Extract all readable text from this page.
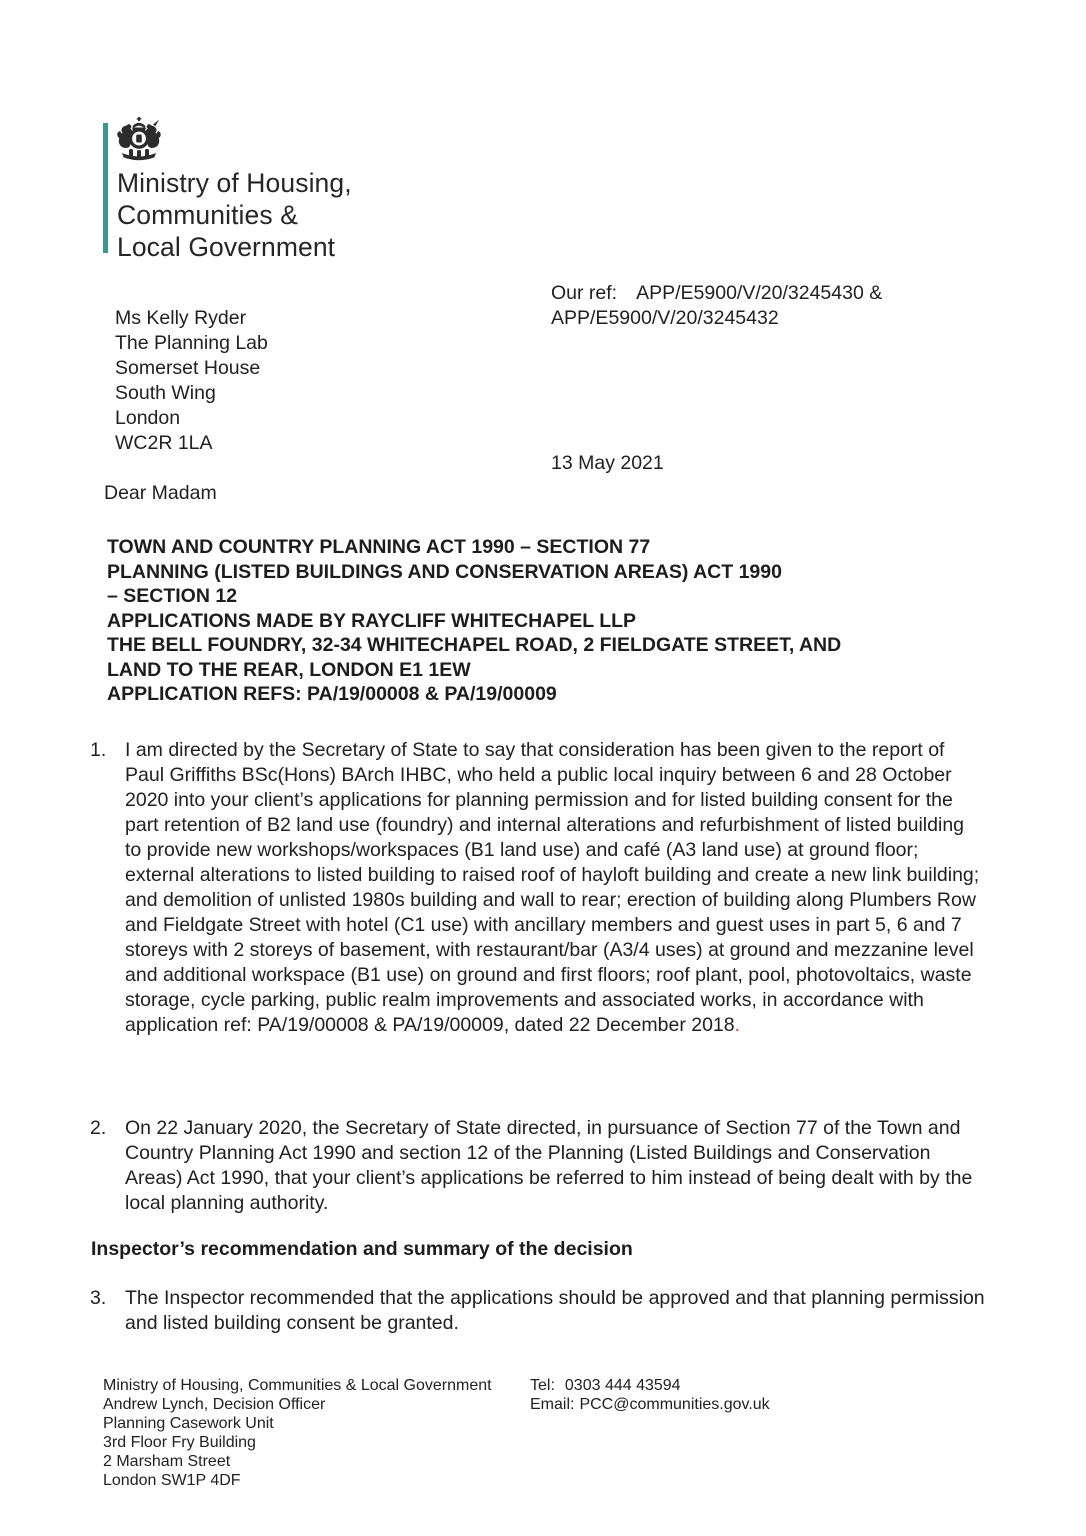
Ministry of Housing,
Communities &
Local Government
Our ref: APP/E5900/V/20/3245430 &
APP/E5900/V/20/3245432
Ms Kelly Ryder
The Planning Lab
Somerset House
South Wing
London
WC2R 1LA
13 May 2021
Dear Madam
TOWN AND COUNTRY PLANNING ACT 1990 – SECTION 77
PLANNING (LISTED BUILDINGS AND CONSERVATION AREAS) ACT 1990
– SECTION 12
APPLICATIONS MADE BY RAYCLIFF WHITECHAPEL LLP
THE BELL FOUNDRY, 32-34 WHITECHAPEL ROAD, 2 FIELDGATE STREET, AND
LAND TO THE REAR, LONDON E1 1EW
APPLICATION REFS: PA/19/00008 & PA/19/00009
1. I am directed by the Secretary of State to say that consideration has been given to the report of Paul Griffiths BSc(Hons) BArch IHBC, who held a public local inquiry between 6 and 28 October 2020 into your client’s applications for planning permission and for listed building consent for the part retention of B2 land use (foundry) and internal alterations and refurbishment of listed building to provide new workshops/workspaces (B1 land use) and café (A3 land use) at ground floor; external alterations to listed building to raised roof of hayloft building and create a new link building; and demolition of unlisted 1980s building and wall to rear; erection of building along Plumbers Row and Fieldgate Street with hotel (C1 use) with ancillary members and guest uses in part 5, 6 and 7 storeys with 2 storeys of basement, with restaurant/bar (A3/4 uses) at ground and mezzanine level and additional workspace (B1 use) on ground and first floors; roof plant, pool, photovoltaics, waste storage, cycle parking, public realm improvements and associated works, in accordance with application ref: PA/19/00008 & PA/19/00009, dated 22 December 2018.
2. On 22 January 2020, the Secretary of State directed, in pursuance of Section 77 of the Town and Country Planning Act 1990 and section 12 of the Planning (Listed Buildings and Conservation Areas) Act 1990, that your client’s applications be referred to him instead of being dealt with by the local planning authority.
Inspector’s recommendation and summary of the decision
3. The Inspector recommended that the applications should be approved and that planning permission and listed building consent be granted.
Ministry of Housing, Communities & Local Government
Andrew Lynch, Decision Officer
Planning Casework Unit
3rd Floor Fry Building
2 Marsham Street
London SW1P 4DF
Tel: 0303 444 43594
Email: PCC@communities.gov.uk
